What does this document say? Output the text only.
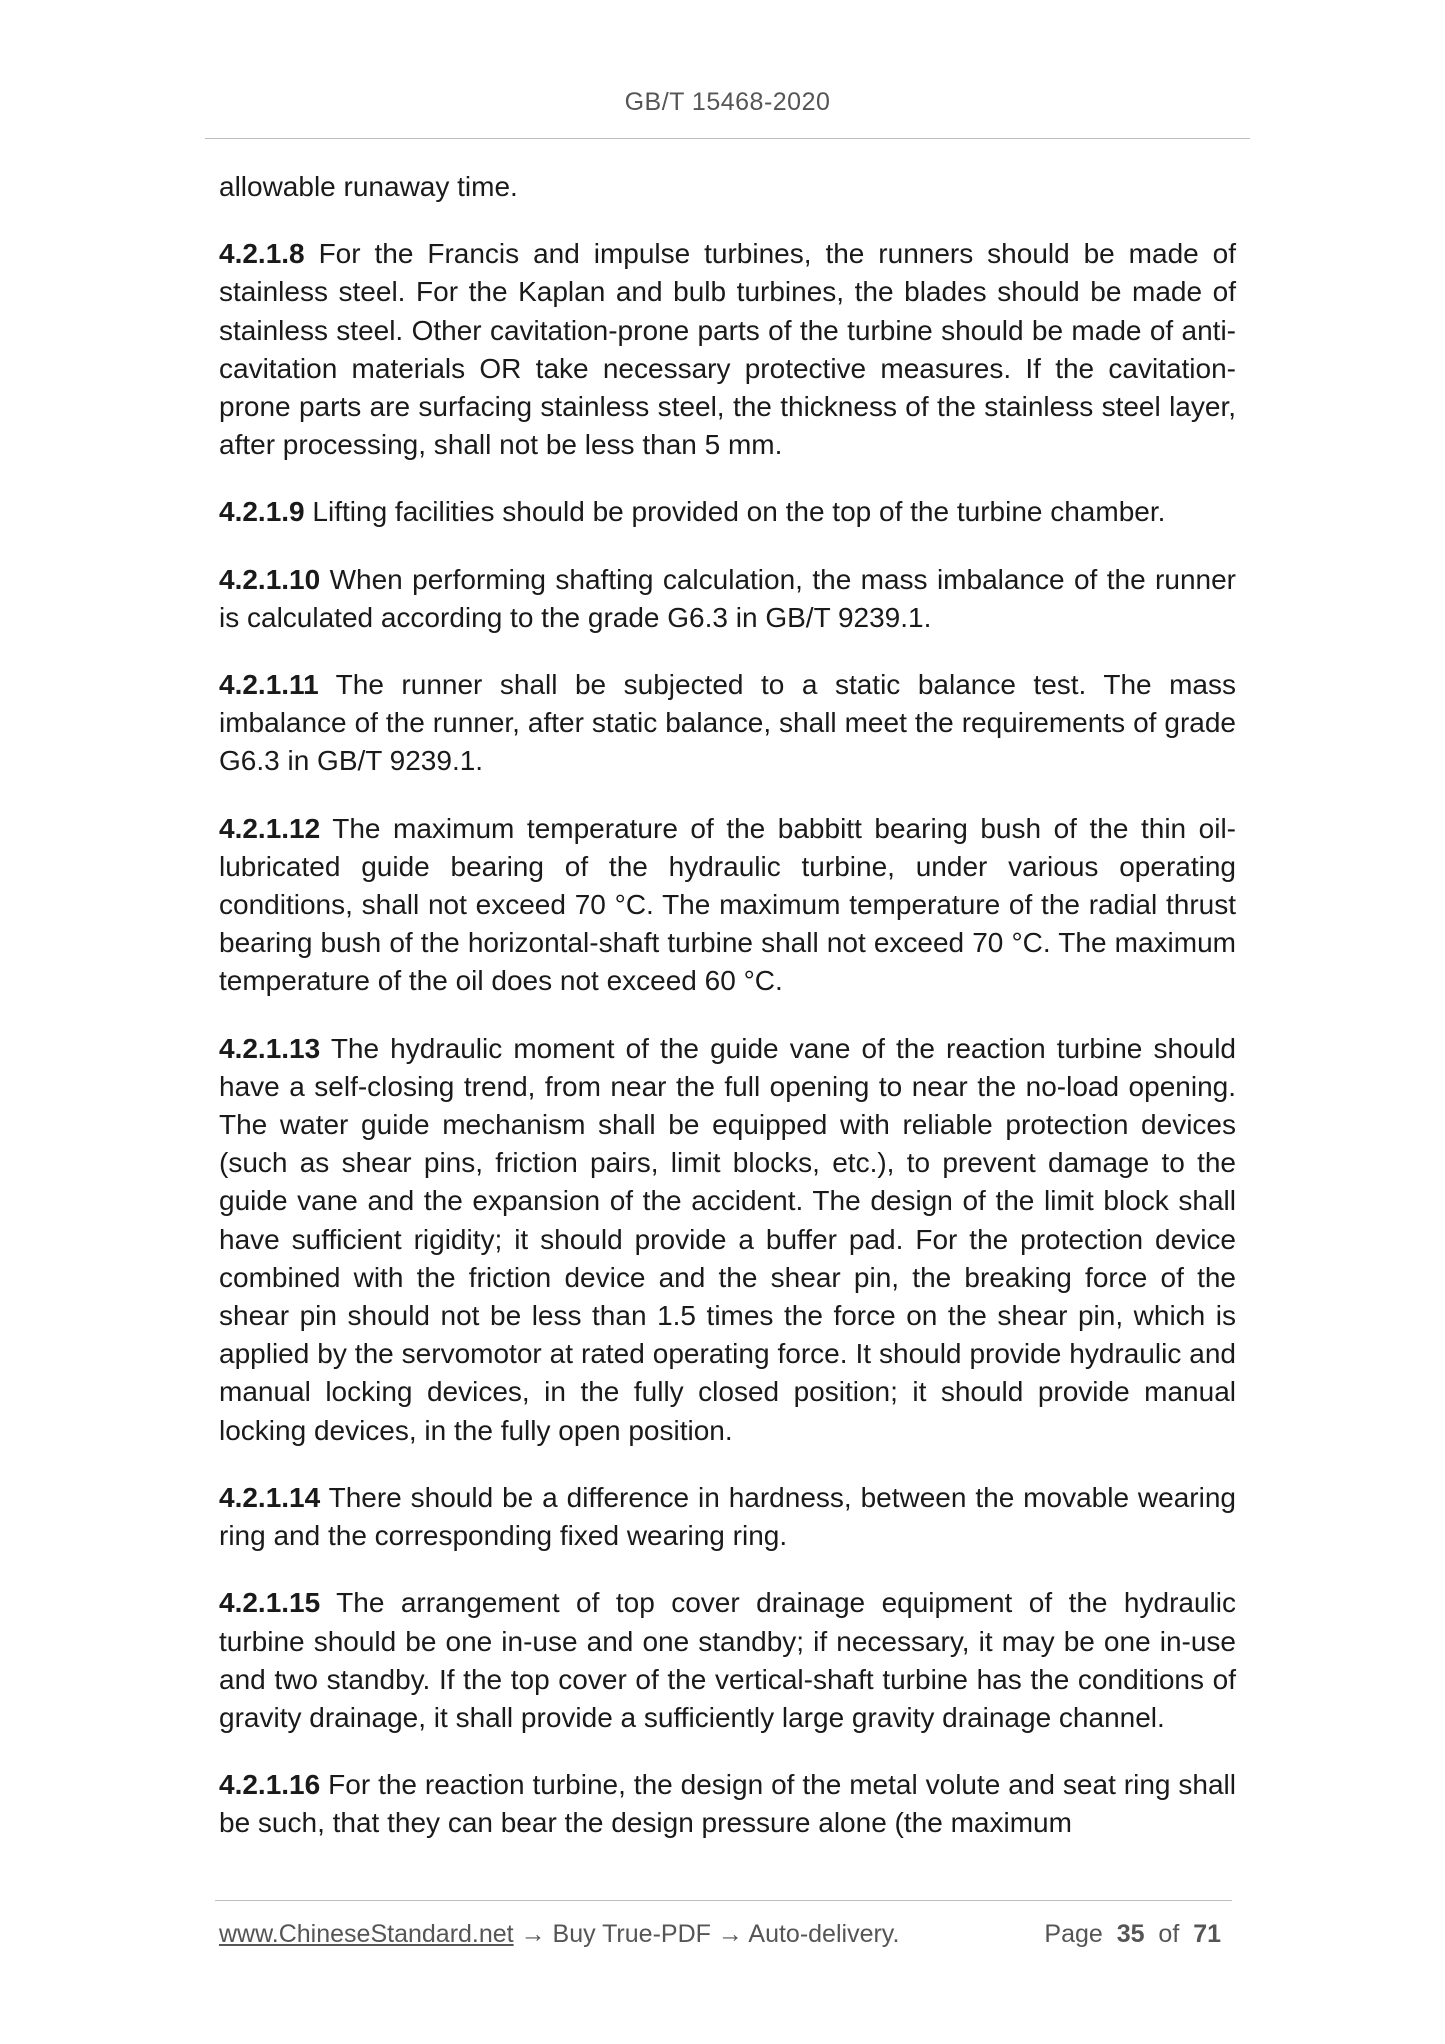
GB/T 15468-2020

allowable runaway time.

4.2.1.8 For the Francis and impulse turbines, the runners should be made of stainless steel. For the Kaplan and bulb turbines, the blades should be made of stainless steel. Other cavitation-prone parts of the turbine should be made of anti-cavitation materials OR take necessary protective measures. If the cavitation-prone parts are surfacing stainless steel, the thickness of the stainless steel layer, after processing, shall not be less than 5 mm.

4.2.1.9 Lifting facilities should be provided on the top of the turbine chamber.

4.2.1.10 When performing shafting calculation, the mass imbalance of the runner is calculated according to the grade G6.3 in GB/T 9239.1.

4.2.1.11 The runner shall be subjected to a static balance test. The mass imbalance of the runner, after static balance, shall meet the requirements of grade G6.3 in GB/T 9239.1.

4.2.1.12 The maximum temperature of the babbitt bearing bush of the thin oil-lubricated guide bearing of the hydraulic turbine, under various operating conditions, shall not exceed 70 °C. The maximum temperature of the radial thrust bearing bush of the horizontal-shaft turbine shall not exceed 70 °C. The maximum temperature of the oil does not exceed 60 °C.

4.2.1.13 The hydraulic moment of the guide vane of the reaction turbine should have a self-closing trend, from near the full opening to near the no-load opening. The water guide mechanism shall be equipped with reliable protection devices (such as shear pins, friction pairs, limit blocks, etc.), to prevent damage to the guide vane and the expansion of the accident. The design of the limit block shall have sufficient rigidity; it should provide a buffer pad. For the protection device combined with the friction device and the shear pin, the breaking force of the shear pin should not be less than 1.5 times the force on the shear pin, which is applied by the servomotor at rated operating force. It should provide hydraulic and manual locking devices, in the fully closed position; it should provide manual locking devices, in the fully open position.

4.2.1.14 There should be a difference in hardness, between the movable wearing ring and the corresponding fixed wearing ring.

4.2.1.15 The arrangement of top cover drainage equipment of the hydraulic turbine should be one in-use and one standby; if necessary, it may be one in-use and two standby. If the top cover of the vertical-shaft turbine has the conditions of gravity drainage, it shall provide a sufficiently large gravity drainage channel.

4.2.1.16 For the reaction turbine, the design of the metal volute and seat ring shall be such, that they can bear the design pressure alone (the maximum

www.ChineseStandard.net → Buy True-PDF → Auto-delivery.	Page 35 of 71
